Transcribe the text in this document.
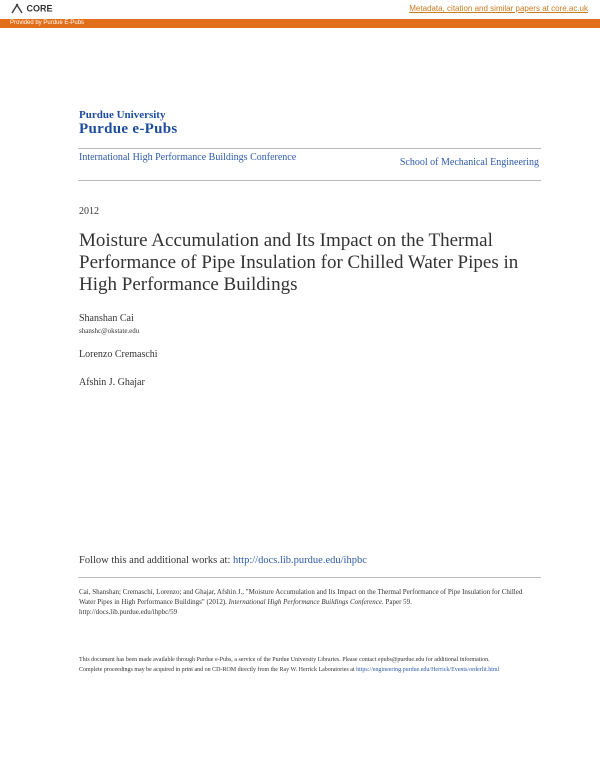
CORE	Metadata, citation and similar papers at core.ac.uk
Provided by Purdue E-Pubs
Purdue University
Purdue e-Pubs
International High Performance Buildings Conference	School of Mechanical Engineering
2012
Moisture Accumulation and Its Impact on the Thermal Performance of Pipe Insulation for Chilled Water Pipes in High Performance Buildings
Shanshan Cai
shanshc@okstate.edu
Lorenzo Cremaschi
Afshin J. Ghajar
Follow this and additional works at: http://docs.lib.purdue.edu/ihpbc
Cai, Shanshan; Cremaschi, Lorenzo; and Ghajar, Afshin J., "Moisture Accumulation and Its Impact on the Thermal Performance of Pipe Insulation for Chilled Water Pipes in High Performance Buildings" (2012). International High Performance Buildings Conference. Paper 59.
http://docs.lib.purdue.edu/ihpbc/59
This document has been made available through Purdue e-Pubs, a service of the Purdue University Libraries. Please contact epubs@purdue.edu for additional information.
Complete proceedings may be acquired in print and on CD-ROM directly from the Ray W. Herrick Laboratories at https://engineering.purdue.edu/Herrick/Events/orderlit.html
